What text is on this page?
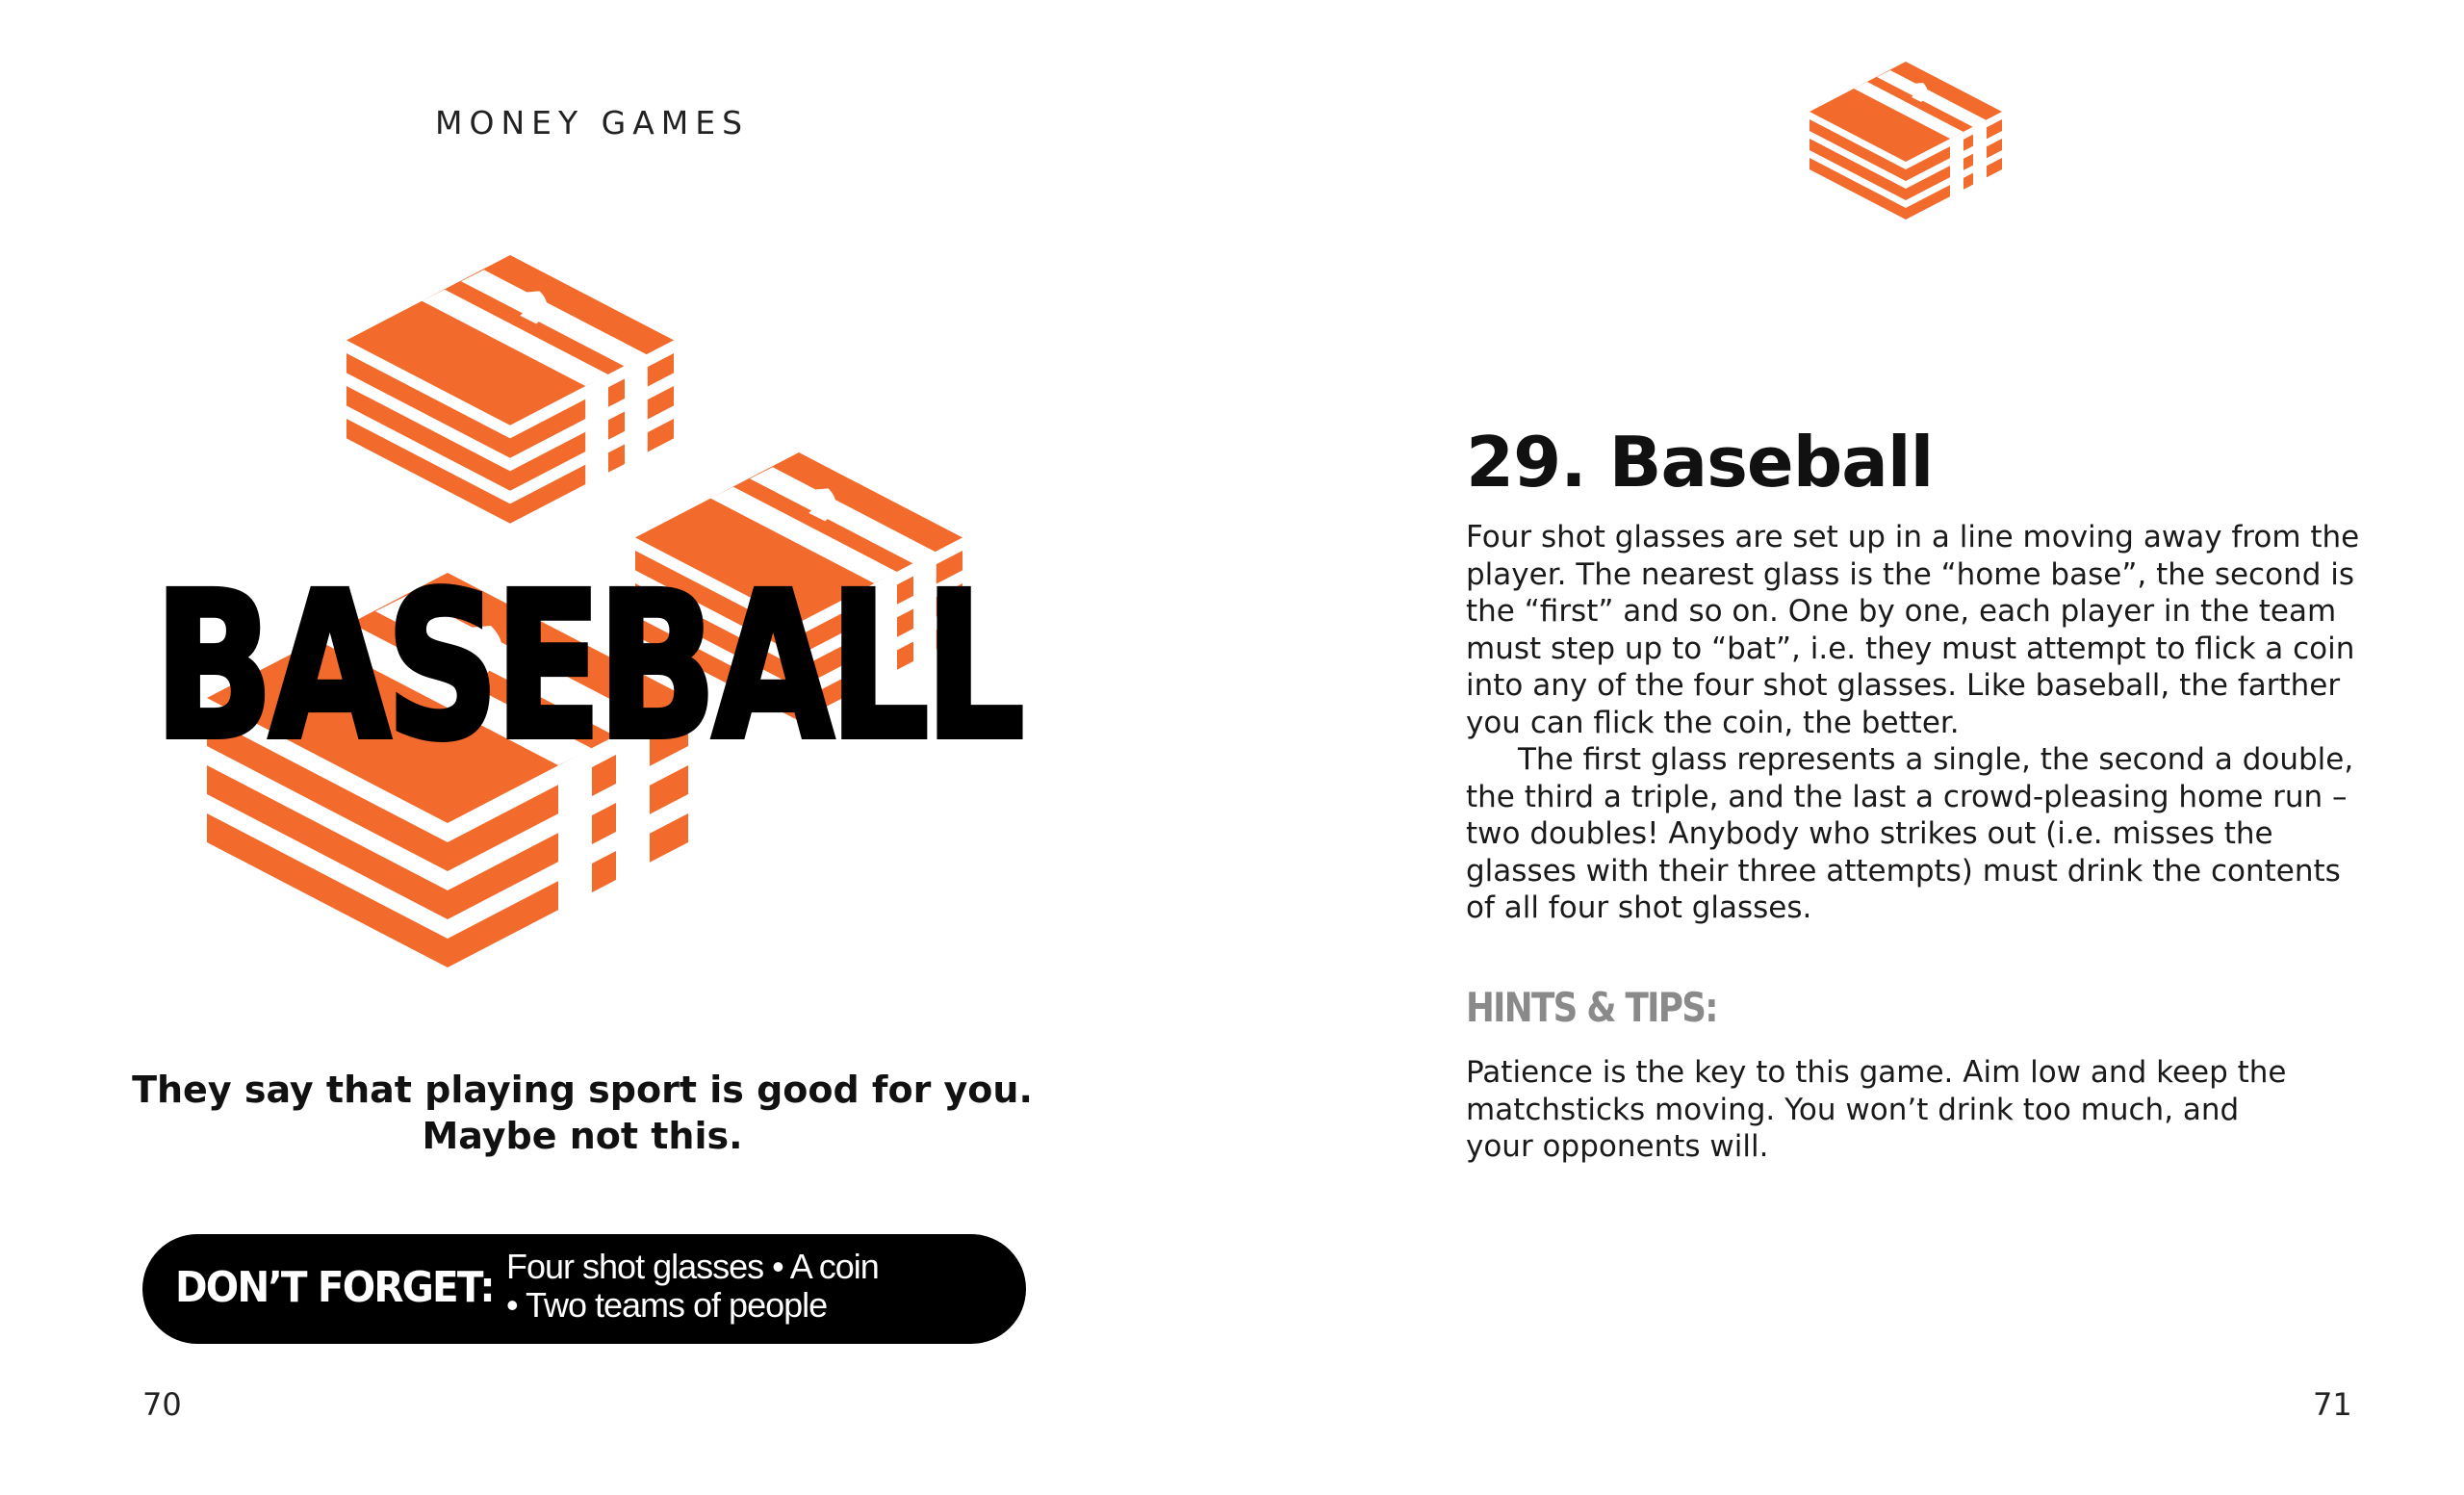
MONEY GAMES
BASEBALL
They say that playing sport is good for you.
Maybe not this.
DON’T FORGET: Four shot glasses • A coin
• Two teams of people
70
29. Baseball

Four shot glasses are set up in a line moving away from the player. The nearest glass is the “home base”, the second is the “first” and so on. One by one, each player in the team must step up to “bat”, i.e. they must attempt to flick a coin into any of the four shot glasses. Like baseball, the farther you can flick the coin, the better.

The first glass represents a single, the second a double, the third a triple, and the last a crowd-pleasing home run – two doubles! Anybody who strikes out (i.e. misses the glasses with their three attempts) must drink the contents of all four shot glasses.

HINTS & TIPS:

Patience is the key to this game. Aim low and keep the matchsticks moving. You won’t drink too much, and your opponents will.

71
